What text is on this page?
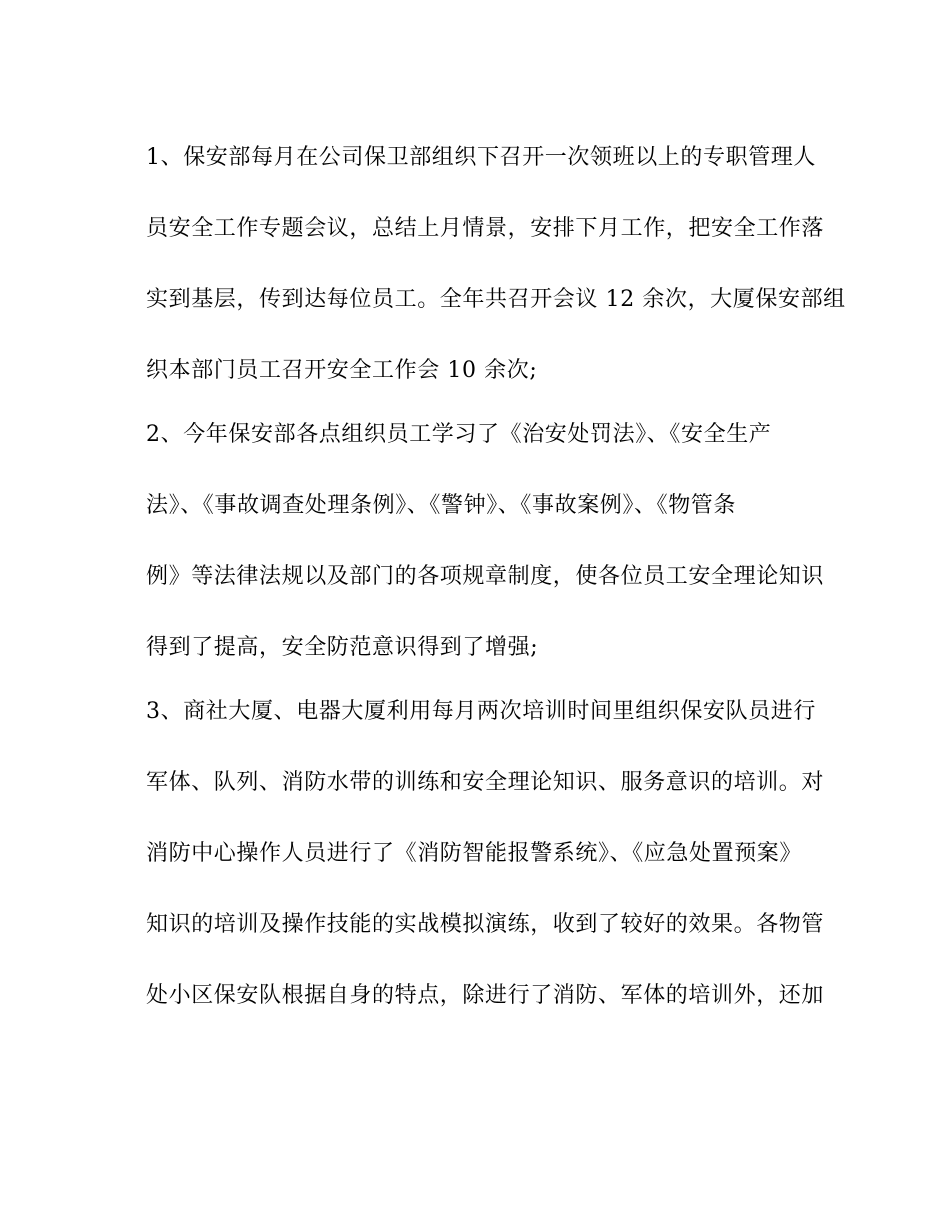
1、保安部每月在公司保卫部组织下召开一次领班以上的专职管理人
员安全工作专题会议，总结上月情景，安排下月工作，把安全工作落
实到基层，传到达每位员工。全年共召开会议 12 余次，大厦保安部组
织本部门员工召开安全工作会 10 余次;
2、今年保安部各点组织员工学习了《治安处罚法》、《安全生产
法》、《事故调查处理条例》、《警钟》、《事故案例》、《物管条
例》等法律法规以及部门的各项规章制度，使各位员工安全理论知识
得到了提高，安全防范意识得到了增强;
3、商社大厦、电器大厦利用每月两次培训时间里组织保安队员进行
军体、队列、消防水带的训练和安全理论知识、服务意识的培训。对
消防中心操作人员进行了《消防智能报警系统》、《应急处置预案》
知识的培训及操作技能的实战模拟演练，收到了较好的效果。各物管
处小区保安队根据自身的特点，除进行了消防、军体的培训外，还加
